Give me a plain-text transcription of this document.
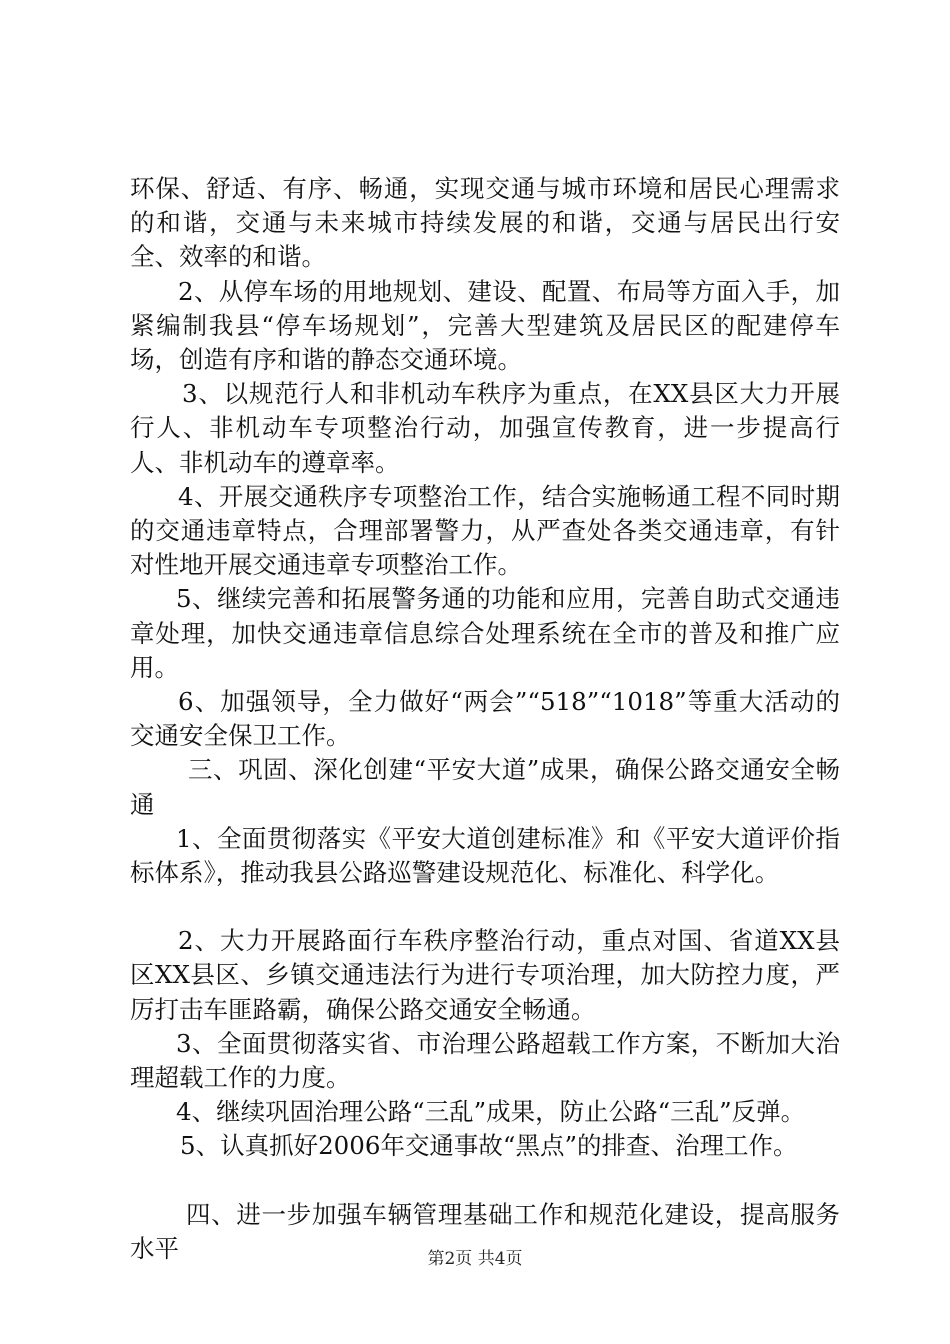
环保、舒适、有序、畅通，实现交通与城市环境和居民心理需求的和谐，交通与未来城市持续发展的和谐，交通与居民出行安全、效率的和谐。

2、从停车场的用地规划、建设、配置、布局等方面入手，加紧编制我县“停车场规划”，完善大型建筑及居民区的配建停车场，创造有序和谐的静态交通环境。

3、以规范行人和非机动车秩序为重点，在XX县区大力开展行人、非机动车专项整治行动，加强宣传教育，进一步提高行人、非机动车的遵章率。

4、开展交通秩序专项整治工作，结合实施畅通工程不同时期的交通违章特点，合理部署警力，从严查处各类交通违章，有针对性地开展交通违章专项整治工作。

5、继续完善和拓展警务通的功能和应用，完善自助式交通违章处理，加快交通违章信息综合处理系统在全市的普及和推广应用。

6、加强领导，全力做好“两会”“518”“1018”等重大活动的交通安全保卫工作。

三、巩固、深化创建“平安大道”成果，确保公路交通安全畅通

1、全面贯彻落实《平安大道创建标准》和《平安大道评价指标体系》，推动我县公路巡警建设规范化、标准化、科学化。

2、大力开展路面行车秩序整治行动，重点对国、省道XX县区XX县区、乡镇交通违法行为进行专项治理，加大防控力度，严厉打击车匪路霸，确保公路交通安全畅通。

3、全面贯彻落实省、市治理公路超载工作方案，不断加大治理超载工作的力度。

4、继续巩固治理公路“三乱”成果，防止公路“三乱”反弹。

5、认真抓好2006年交通事故“黑点”的排查、治理工作。

四、进一步加强车辆管理基础工作和规范化建设，提高服务水平	第2页 共4页
